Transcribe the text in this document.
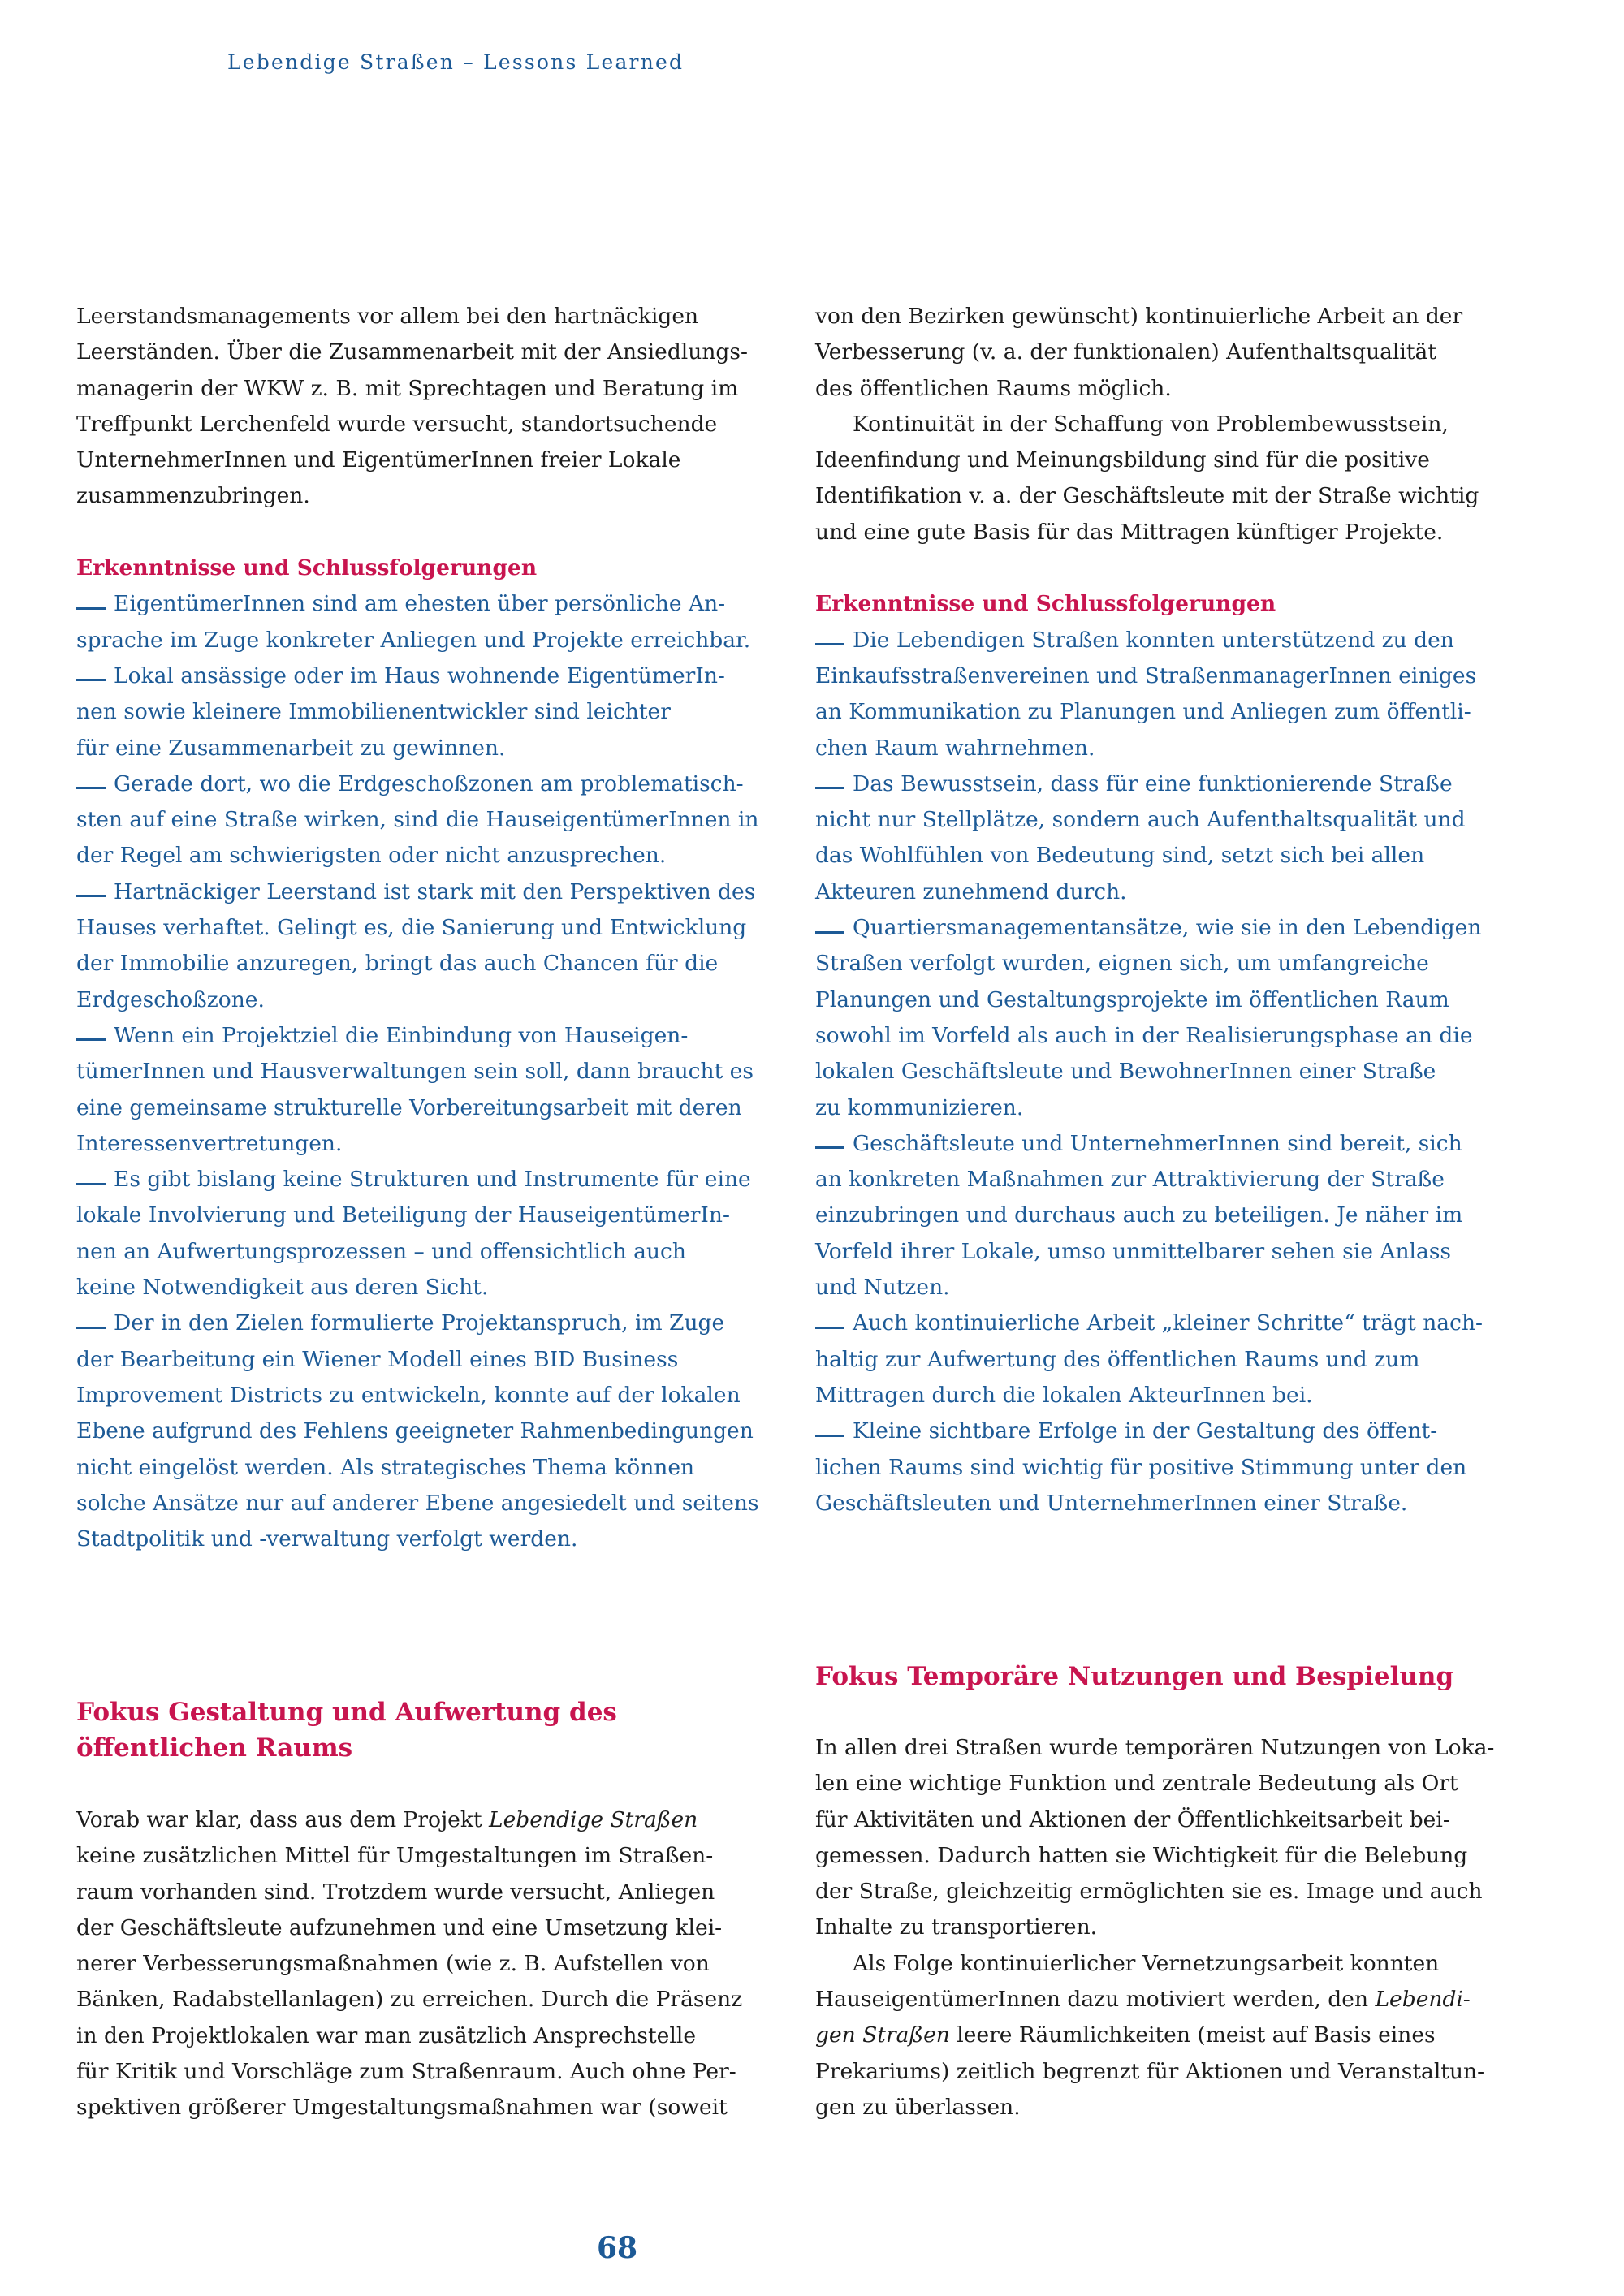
Lebendige Straßen – Lessons Learned

Leerstandsmanagements vor allem bei den hartnäckigen
Leerständen. Über die Zusammenarbeit mit der Ansiedlungs-
managerin der WKW z. B. mit Sprechtagen und Beratung im
Treffpunkt Lerchenfeld wurde versucht, standortsuchende
UnternehmerInnen und EigentümerInnen freier Lokale
zusammenzubringen.

Erkenntnisse und Schlussfolgerungen
EigentümerInnen sind am ehesten über persönliche An-
sprache im Zuge konkreter Anliegen und Projekte erreichbar.
Lokal ansässige oder im Haus wohnende EigentümerIn-
nen sowie kleinere Immobilienentwickler sind leichter
für eine Zusammenarbeit zu gewinnen.
Gerade dort, wo die Erdgeschoßzonen am problematisch-
sten auf eine Straße wirken, sind die HauseigentümerInnen in
der Regel am schwierigsten oder nicht anzusprechen.
Hartnäckiger Leerstand ist stark mit den Perspektiven des
Hauses verhaftet. Gelingt es, die Sanierung und Entwicklung
der Immobilie anzuregen, bringt das auch Chancen für die
Erdgeschoßzone.
Wenn ein Projektziel die Einbindung von Hauseigen-
tümerInnen und Hausverwaltungen sein soll, dann braucht es
eine gemeinsame strukturelle Vorbereitungsarbeit mit deren
Interessenvertretungen.
Es gibt bislang keine Strukturen und Instrumente für eine
lokale Involvierung und Beteiligung der HauseigentümerIn-
nen an Aufwertungsprozessen – und offensichtlich auch
keine Notwendigkeit aus deren Sicht.
Der in den Zielen formulierte Projektanspruch, im Zuge
der Bearbeitung ein Wiener Modell eines BID Business
Improvement Districts zu entwickeln, konnte auf der lokalen
Ebene aufgrund des Fehlens geeigneter Rahmenbedingungen
nicht eingelöst werden. Als strategisches Thema können
solche Ansätze nur auf anderer Ebene angesiedelt und seitens
Stadtpolitik und -verwaltung verfolgt werden.

von den Bezirken gewünscht) kontinuierliche Arbeit an der
Verbesserung (v. a. der funktionalen) Aufenthaltsqualität
des öffentlichen Raums möglich.

Kontinuität in der Schaffung von Problembewusstsein,
Ideenfindung und Meinungsbildung sind für die positive
Identifikation v. a. der Geschäftsleute mit der Straße wichtig
und eine gute Basis für das Mittragen künftiger Projekte.

Erkenntnisse und Schlussfolgerungen
Die Lebendigen Straßen konnten unterstützend zu den
Einkaufsstraßenvereinen und StraßenmanagerInnen einiges
an Kommunikation zu Planungen und Anliegen zum öffentli-
chen Raum wahrnehmen.
Das Bewusstsein, dass für eine funktionierende Straße
nicht nur Stellplätze, sondern auch Aufenthaltsqualität und
das Wohlfühlen von Bedeutung sind, setzt sich bei allen
Akteuren zunehmend durch.
Quartiersmanagementansätze, wie sie in den Lebendigen
Straßen verfolgt wurden, eignen sich, um umfangreiche
Planungen und Gestaltungsprojekte im öffentlichen Raum
sowohl im Vorfeld als auch in der Realisierungsphase an die
lokalen Geschäftsleute und BewohnerInnen einer Straße
zu kommunizieren.
Geschäftsleute und UnternehmerInnen sind bereit, sich
an konkreten Maßnahmen zur Attraktivierung der Straße
einzubringen und durchaus auch zu beteiligen. Je näher im
Vorfeld ihrer Lokale, umso unmittelbarer sehen sie Anlass
und Nutzen.
Auch kontinuierliche Arbeit „kleiner Schritte“ trägt nach-
haltig zur Aufwertung des öffentlichen Raums und zum
Mittragen durch die lokalen AkteurInnen bei.
Kleine sichtbare Erfolge in der Gestaltung des öffent-
lichen Raums sind wichtig für positive Stimmung unter den
Geschäftsleuten und UnternehmerInnen einer Straße.
Fokus Gestaltung und Aufwertung des
öffentlichen Raums

Vorab war klar, dass aus dem Projekt Lebendige Straßen
keine zusätzlichen Mittel für Umgestaltungen im Straßen-
raum vorhanden sind. Trotzdem wurde versucht, Anliegen
der Geschäftsleute aufzunehmen und eine Umsetzung klei-
nerer Verbesserungsmaßnahmen (wie z. B. Aufstellen von
Bänken, Radabstellanlagen) zu erreichen. Durch die Präsenz
in den Projektlokalen war man zusätzlich Ansprechstelle
für Kritik und Vorschläge zum Straßenraum. Auch ohne Per-
spektiven größerer Umgestaltungsmaßnahmen war (soweit

Fokus Temporäre Nutzungen und Bespielung

In allen drei Straßen wurde temporären Nutzungen von Loka-
len eine wichtige Funktion und zentrale Bedeutung als Ort
für Aktivitäten und Aktionen der Öffentlichkeitsarbeit bei-
gemessen. Dadurch hatten sie Wichtigkeit für die Belebung
der Straße, gleichzeitig ermöglichten sie es. Image und auch
Inhalte zu transportieren.

Als Folge kontinuierlicher Vernetzungsarbeit konnten
HauseigentümerInnen dazu motiviert werden, den Lebendi-
gen Straßen leere Räumlichkeiten (meist auf Basis eines
Prekariums) zeitlich begrenzt für Aktionen und Veranstaltun-
gen zu überlassen.

68
